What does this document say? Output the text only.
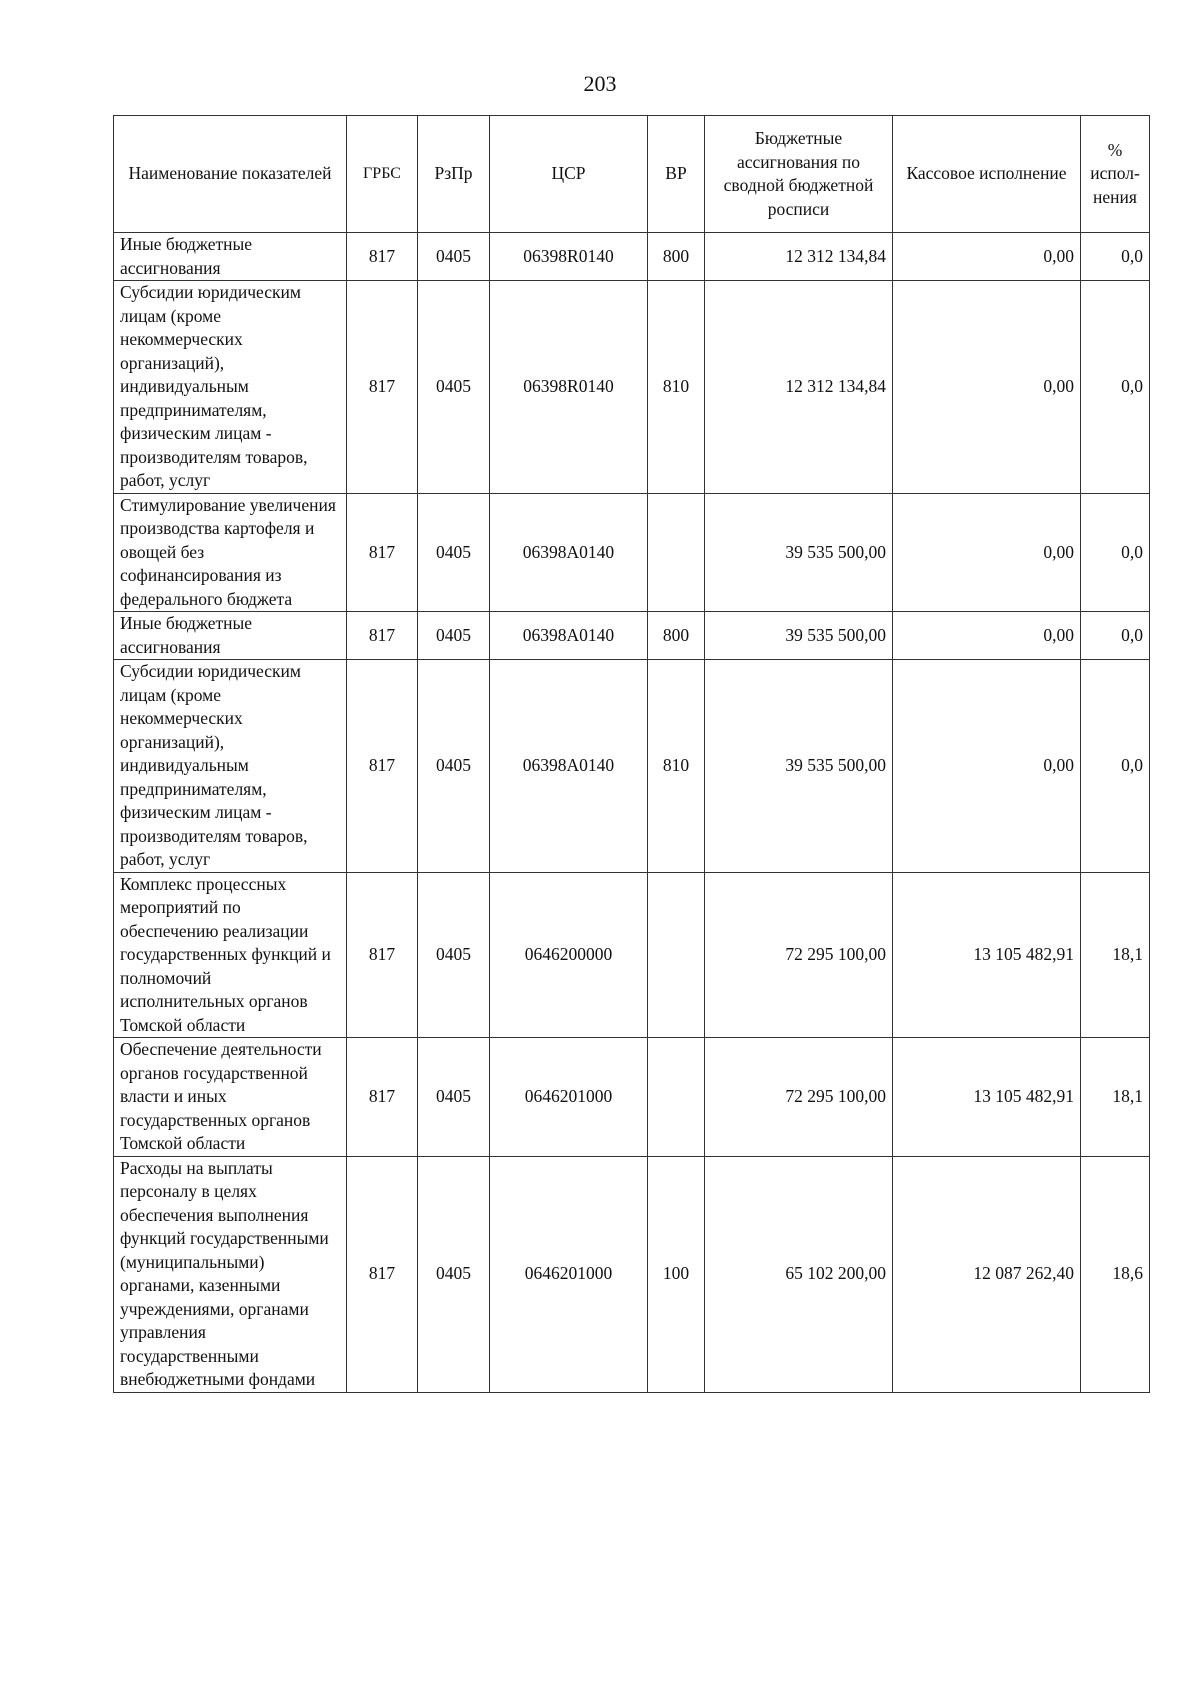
203
Наименование показателей	ГРБС	РзПр	ЦСР	ВР	Бюджетные ассигнования по сводной бюджетной росписи	Кассовое исполнение	% испол-нения
Иные бюджетные ассигнования	817	0405	06398R0140	800	12 312 134,84	0,00	0,0
Субсидии юридическим лицам (кроме некоммерческих организаций), индивидуальным предпринимателям, физическим лицам - производителям товаров, работ, услуг	817	0405	06398R0140	810	12 312 134,84	0,00	0,0
Стимулирование увеличения производства картофеля и овощей без софинансирования из федерального бюджета	817	0405	06398A0140		39 535 500,00	0,00	0,0
Иные бюджетные ассигнования	817	0405	06398A0140	800	39 535 500,00	0,00	0,0
Субсидии юридическим лицам (кроме некоммерческих организаций), индивидуальным предпринимателям, физическим лицам - производителям товаров, работ, услуг	817	0405	06398A0140	810	39 535 500,00	0,00	0,0
Комплекс процессных мероприятий по обеспечению реализации государственных функций и полномочий исполнительных органов Томской области	817	0405	0646200000		72 295 100,00	13 105 482,91	18,1
Обеспечение деятельности органов государственной власти и иных государственных органов Томской области	817	0405	0646201000		72 295 100,00	13 105 482,91	18,1
Расходы на выплаты персоналу в целях обеспечения выполнения функций государственными (муниципальными) органами, казенными учреждениями, органами управления государственными внебюджетными фондами	817	0405	0646201000	100	65 102 200,00	12 087 262,40	18,6
